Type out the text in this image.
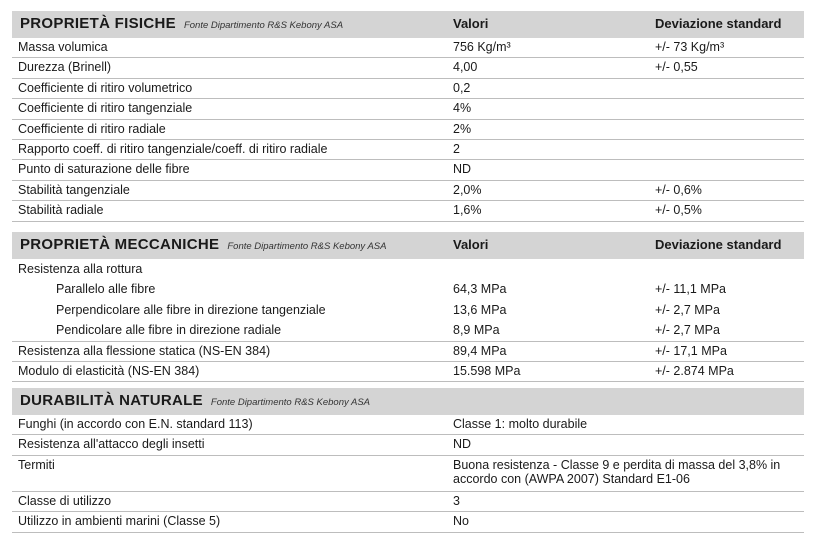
PROPRIETÀ FISICHE Fonte Dipartimento R&S Kebony ASA	Valori	Deviazione standard
Massa volumica	756 Kg/m³	+/- 73 Kg/m³
Durezza (Brinell)	4,00	+/- 0,55
Coefficiente di ritiro volumetrico	0,2
Coefficiente di ritiro tangenziale	4%
Coefficiente di ritiro radiale	2%
Rapporto coeff. di ritiro tangenziale/coeff. di ritiro radiale	2
Punto di saturazione delle fibre	ND
Stabilità tangenziale	2,0%	+/- 0,6%
Stabilità radiale	1,6%	+/- 0,5%
PROPRIETÀ MECCANICHE Fonte Dipartimento R&S Kebony ASA	Valori	Deviazione standard
Resistenza alla rottura
Parallelo alle fibre	64,3 MPa	+/- 11,1 MPa
Perpendicolare alle fibre in direzione tangenziale	13,6 MPa	+/- 2,7 MPa
Pendicolare alle fibre in direzione radiale	8,9 MPa	+/- 2,7 MPa
Resistenza alla flessione statica (NS-EN 384)	89,4 MPa	+/- 17,1 MPa
Modulo di elasticità (NS-EN 384)	15.598 MPa	+/- 2.874 MPa
DURABILITÀ NATURALE Fonte Dipartimento R&S Kebony ASA
Funghi (in accordo con E.N. standard 113)	Classe 1: molto durabile
Resistenza all'attacco degli insetti	ND
Termiti	Buona resistenza - Classe 9 e perdita di massa del 3,8% in accordo con (AWPA 2007) Standard E1-06
Classe di utilizzo	3
Utilizzo in ambienti marini (Classe 5)	No
